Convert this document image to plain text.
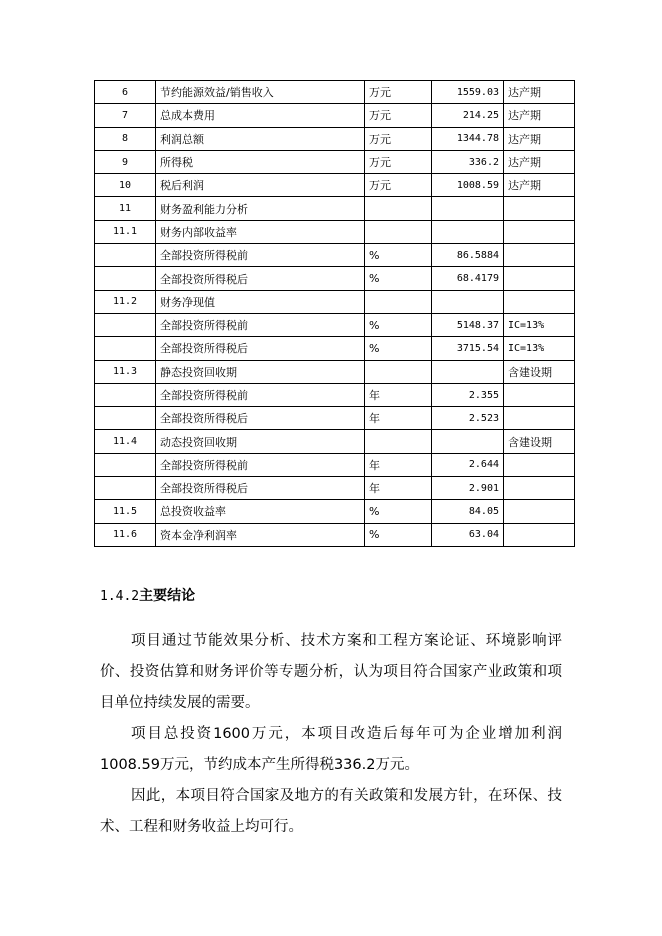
6	节约能源效益/销售收入	万元	1559.03	达产期
7	总成本费用	万元	214.25	达产期
8	利润总额	万元	1344.78	达产期
9	所得税	万元	336.2	达产期
10	税后利润	万元	1008.59	达产期
11	财务盈利能力分析			
11.1	财务内部收益率			
	全部投资所得税前	%	86.5884	
	全部投资所得税后	%	68.4179	
11.2	财务净现值			
	全部投资所得税前	%	5148.37	IC=13%
	全部投资所得税后	%	3715.54	IC=13%
11.3	静态投资回收期			含建设期
	全部投资所得税前	年	2.355	
	全部投资所得税后	年	2.523	
11.4	动态投资回收期			含建设期
	全部投资所得税前	年	2.644	
	全部投资所得税后	年	2.901	
11.5	总投资收益率	%	84.05	
11.6	资本金净利润率	%	63.04	
1.4.2主要结论

项目通过节能效果分析、技术方案和工程方案论证、环境影响评价、投资估算和财务评价等专题分析，认为项目符合国家产业政策和项目单位持续发展的需要。

项目总投资1600万元，本项目改造后每年可为企业增加利润1008.59万元，节约成本产生所得税336.2万元。

因此，本项目符合国家及地方的有关政策和发展方针，在环保、技术、工程和财务收益上均可行。
